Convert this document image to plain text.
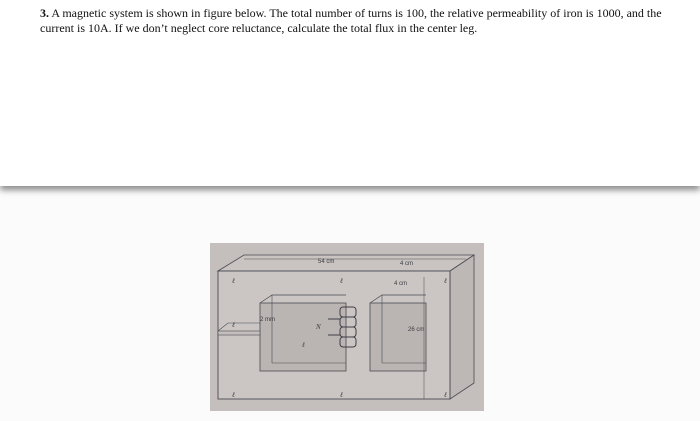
3. A magnetic system is shown in figure below. The total number of turns is 100, the relative permeability of iron is 1000, and the current is 10A. If we don’t neglect core reluctance, calculate the total flux in the center leg.

54 cm	4 cm
4 cm
26 cm
2 mm
N
ℓ	ℓ	ℓ
ℓ
ℓ
ℓ	ℓ	ℓ
